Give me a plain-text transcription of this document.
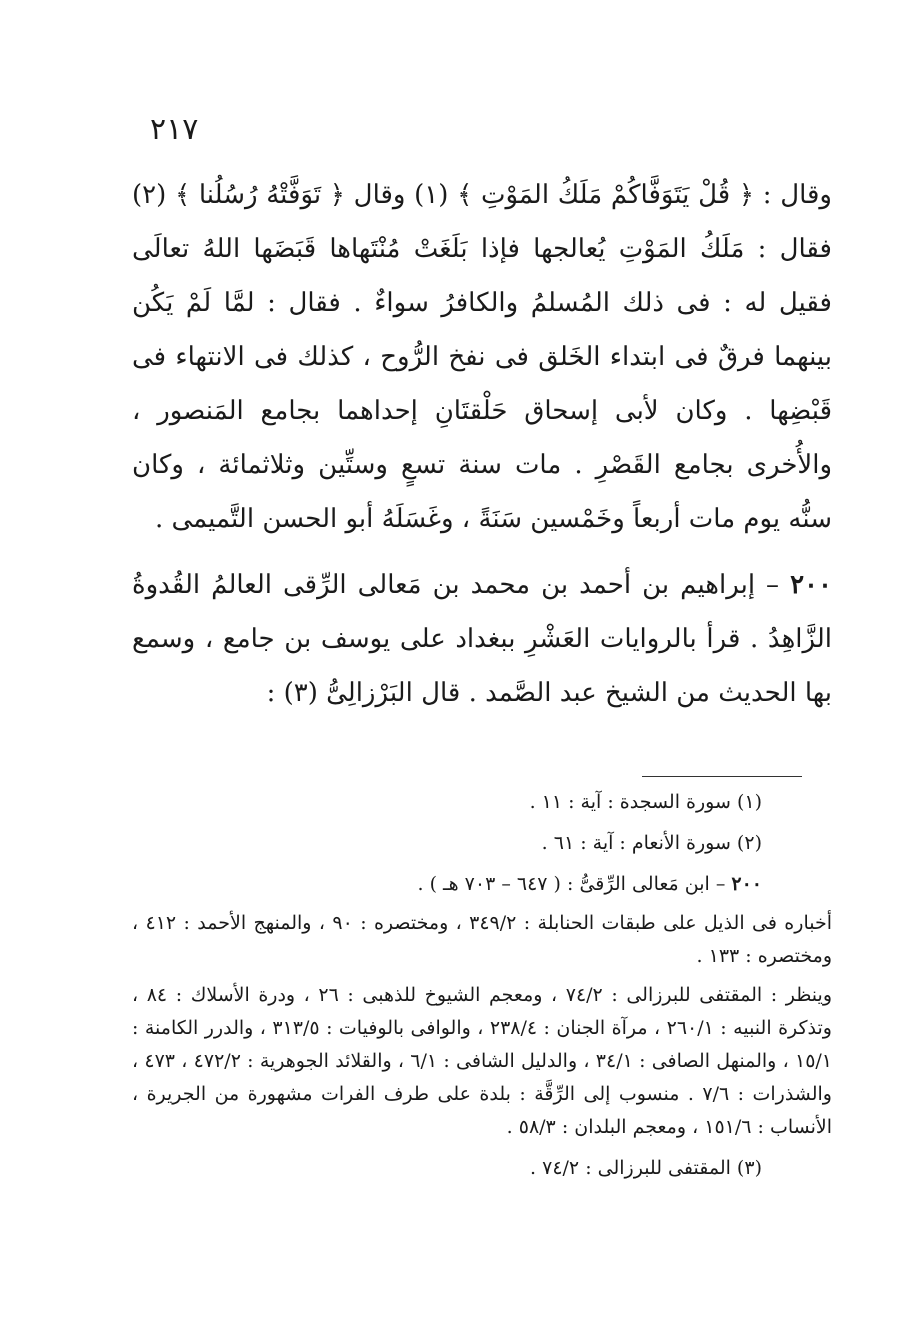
٢١٧

وقال : ﴿ قُلْ يَتَوَفَّاكُمْ مَلَكُ المَوْتِ ﴾ (١) وقال ﴿ تَوَفَّتْهُ رُسُلُنا ﴾ (٢) فقال : مَلَكُ المَوْتِ يُعالجها فإذا بَلَغَتْ مُنْتَهاها قَبَضَها اللهُ تعالَى فقيل له : فى ذلك المُسلمُ والكافرُ سواءٌ . فقال : لمَّا لَمْ يَكُن بينهما فرقٌ فى ابتداء الخَلق فى نفخ الرُّوح ، كذلك فى الانتهاء فى قَبْضِها . وكان لأبى إسحاق حَلْقتَانِ إحداهما بجامع المَنصور ، والأُخرى بجامع القَصْرِ . مات سنة تسعٍ وستِّين وثلاثمائة ، وكان سنُّه يوم مات أربعاً وخَمْسين سَنَةً ، وغَسَلَهُ أبو الحسن التَّميمى .

٢٠٠ – إبراهيم بن أحمد بن محمد بن مَعالى الرِّقى العالمُ القُدوةُ الزَّاهِدُ . قرأ بالروايات العَشْرِ ببغداد على يوسف بن جامع ، وسمع بها الحديث من الشيخ عبد الصَّمد . قال البَرْزالِىُّ (٣) :

(١) سورة السجدة : آية : ١١ .

(٢) سورة الأنعام : آية : ٦١ .

٢٠٠ – ابن مَعالى الرِّقىُّ : ( ٦٤٧ – ٧٠٣ هـ ) .

أخباره فى الذيل على طبقات الحنابلة : ٣٤٩/٢ ، ومختصره : ٩٠ ، والمنهج الأحمد : ٤١٢ ، ومختصره : ١٣٣ .

وينظر : المقتفى للبرزالى : ٧٤/٢ ، ومعجم الشيوخ للذهبى : ٢٦ ، ودرة الأسلاك : ٨٤ ، وتذكرة النبيه : ٢٦٠/١ ، مرآة الجنان : ٢٣٨/٤ ، والوافى بالوفيات : ٣١٣/٥ ، والدرر الكامنة : ١٥/١ ، والمنهل الصافى : ٣٤/١ ، والدليل الشافى : ٦/١ ، والقلائد الجوهرية : ٤٧٢/٢ ، ٤٧٣ ، والشذرات : ٧/٦ . منسوب إلى الرِّقَّة : بلدة على طرف الفرات مشهورة من الجريرة ، الأنساب : ١٥١/٦ ، ومعجم البلدان : ٥٨/٣ .

(٣) المقتفى للبرزالى : ٧٤/٢ .
